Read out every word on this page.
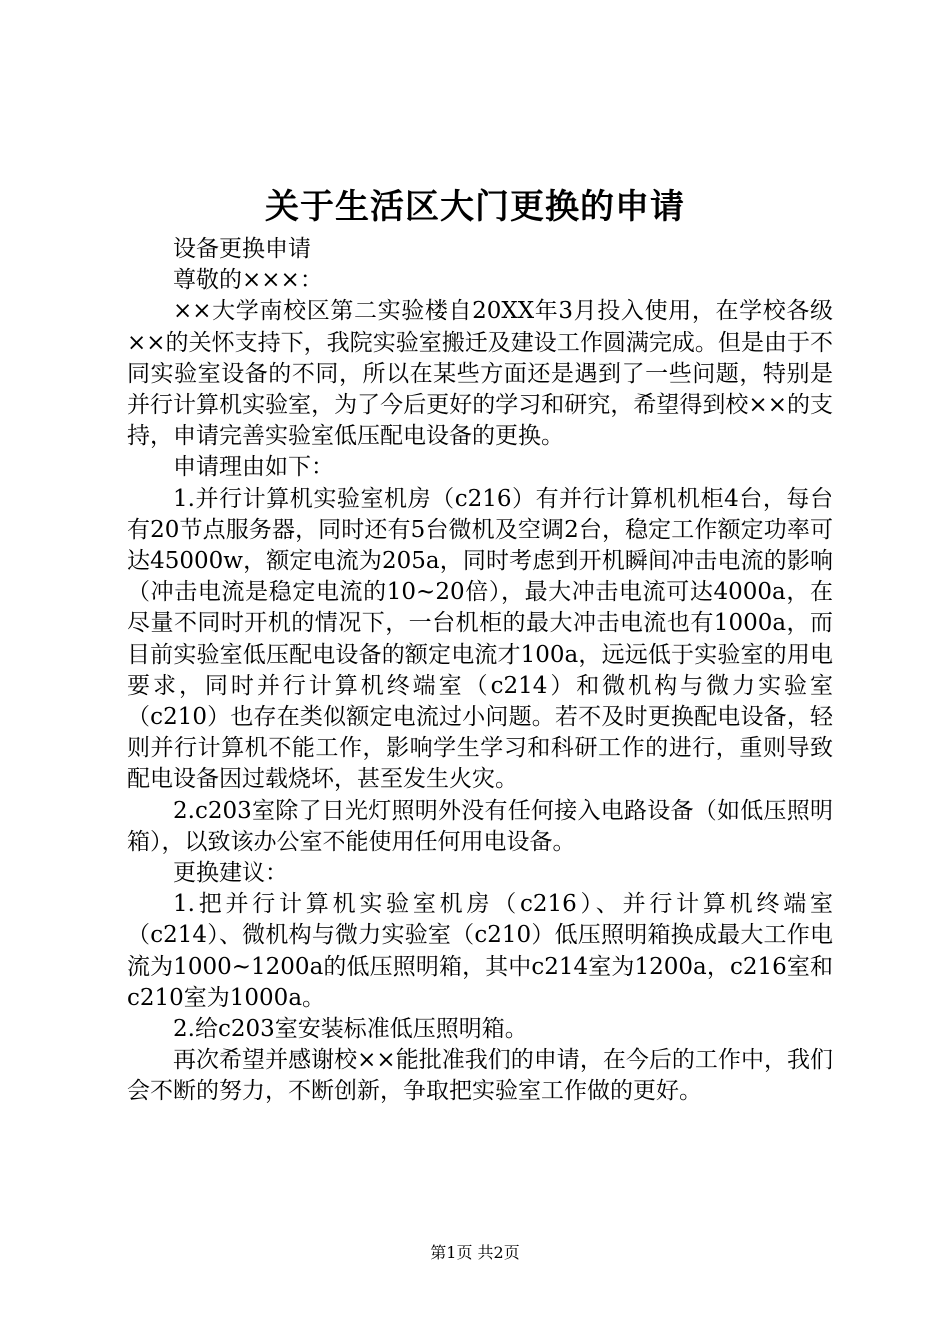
关于生活区大门更换的申请

设备更换申请

尊敬的×××：

××大学南校区第二实验楼自20XX年3月投入使用，在学校各级××的关怀支持下，我院实验室搬迁及建设工作圆满完成。但是由于不同实验室设备的不同，所以在某些方面还是遇到了一些问题，特别是并行计算机实验室，为了今后更好的学习和研究，希望得到校××的支持，申请完善实验室低压配电设备的更换。

申请理由如下：

1.并行计算机实验室机房（c216）有并行计算机机柜4台，每台有20节点服务器，同时还有5台微机及空调2台，稳定工作额定功率可达45000w，额定电流为205a，同时考虑到开机瞬间冲击电流的影响（冲击电流是稳定电流的10~20倍），最大冲击电流可达4000a，在尽量不同时开机的情况下，一台机柜的最大冲击电流也有1000a，而目前实验室低压配电设备的额定电流才100a，远远低于实验室的用电要求，同时并行计算机终端室（c214）和微机构与微力实验室（c210）也存在类似额定电流过小问题。若不及时更换配电设备，轻则并行计算机不能工作，影响学生学习和科研工作的进行，重则导致配电设备因过载烧坏，甚至发生火灾。

2.c203室除了日光灯照明外没有任何接入电路设备（如低压照明箱），以致该办公室不能使用任何用电设备。

更换建议：

1.把并行计算机实验室机房（c216）、并行计算机终端室（c214）、微机构与微力实验室（c210）低压照明箱换成最大工作电流为1000~1200a的低压照明箱，其中c214室为1200a，c216室和c210室为1000a。

2.给c203室安装标准低压照明箱。

再次希望并感谢校××能批准我们的申请，在今后的工作中，我们会不断的努力，不断创新，争取把实验室工作做的更好。

第1页 共2页
